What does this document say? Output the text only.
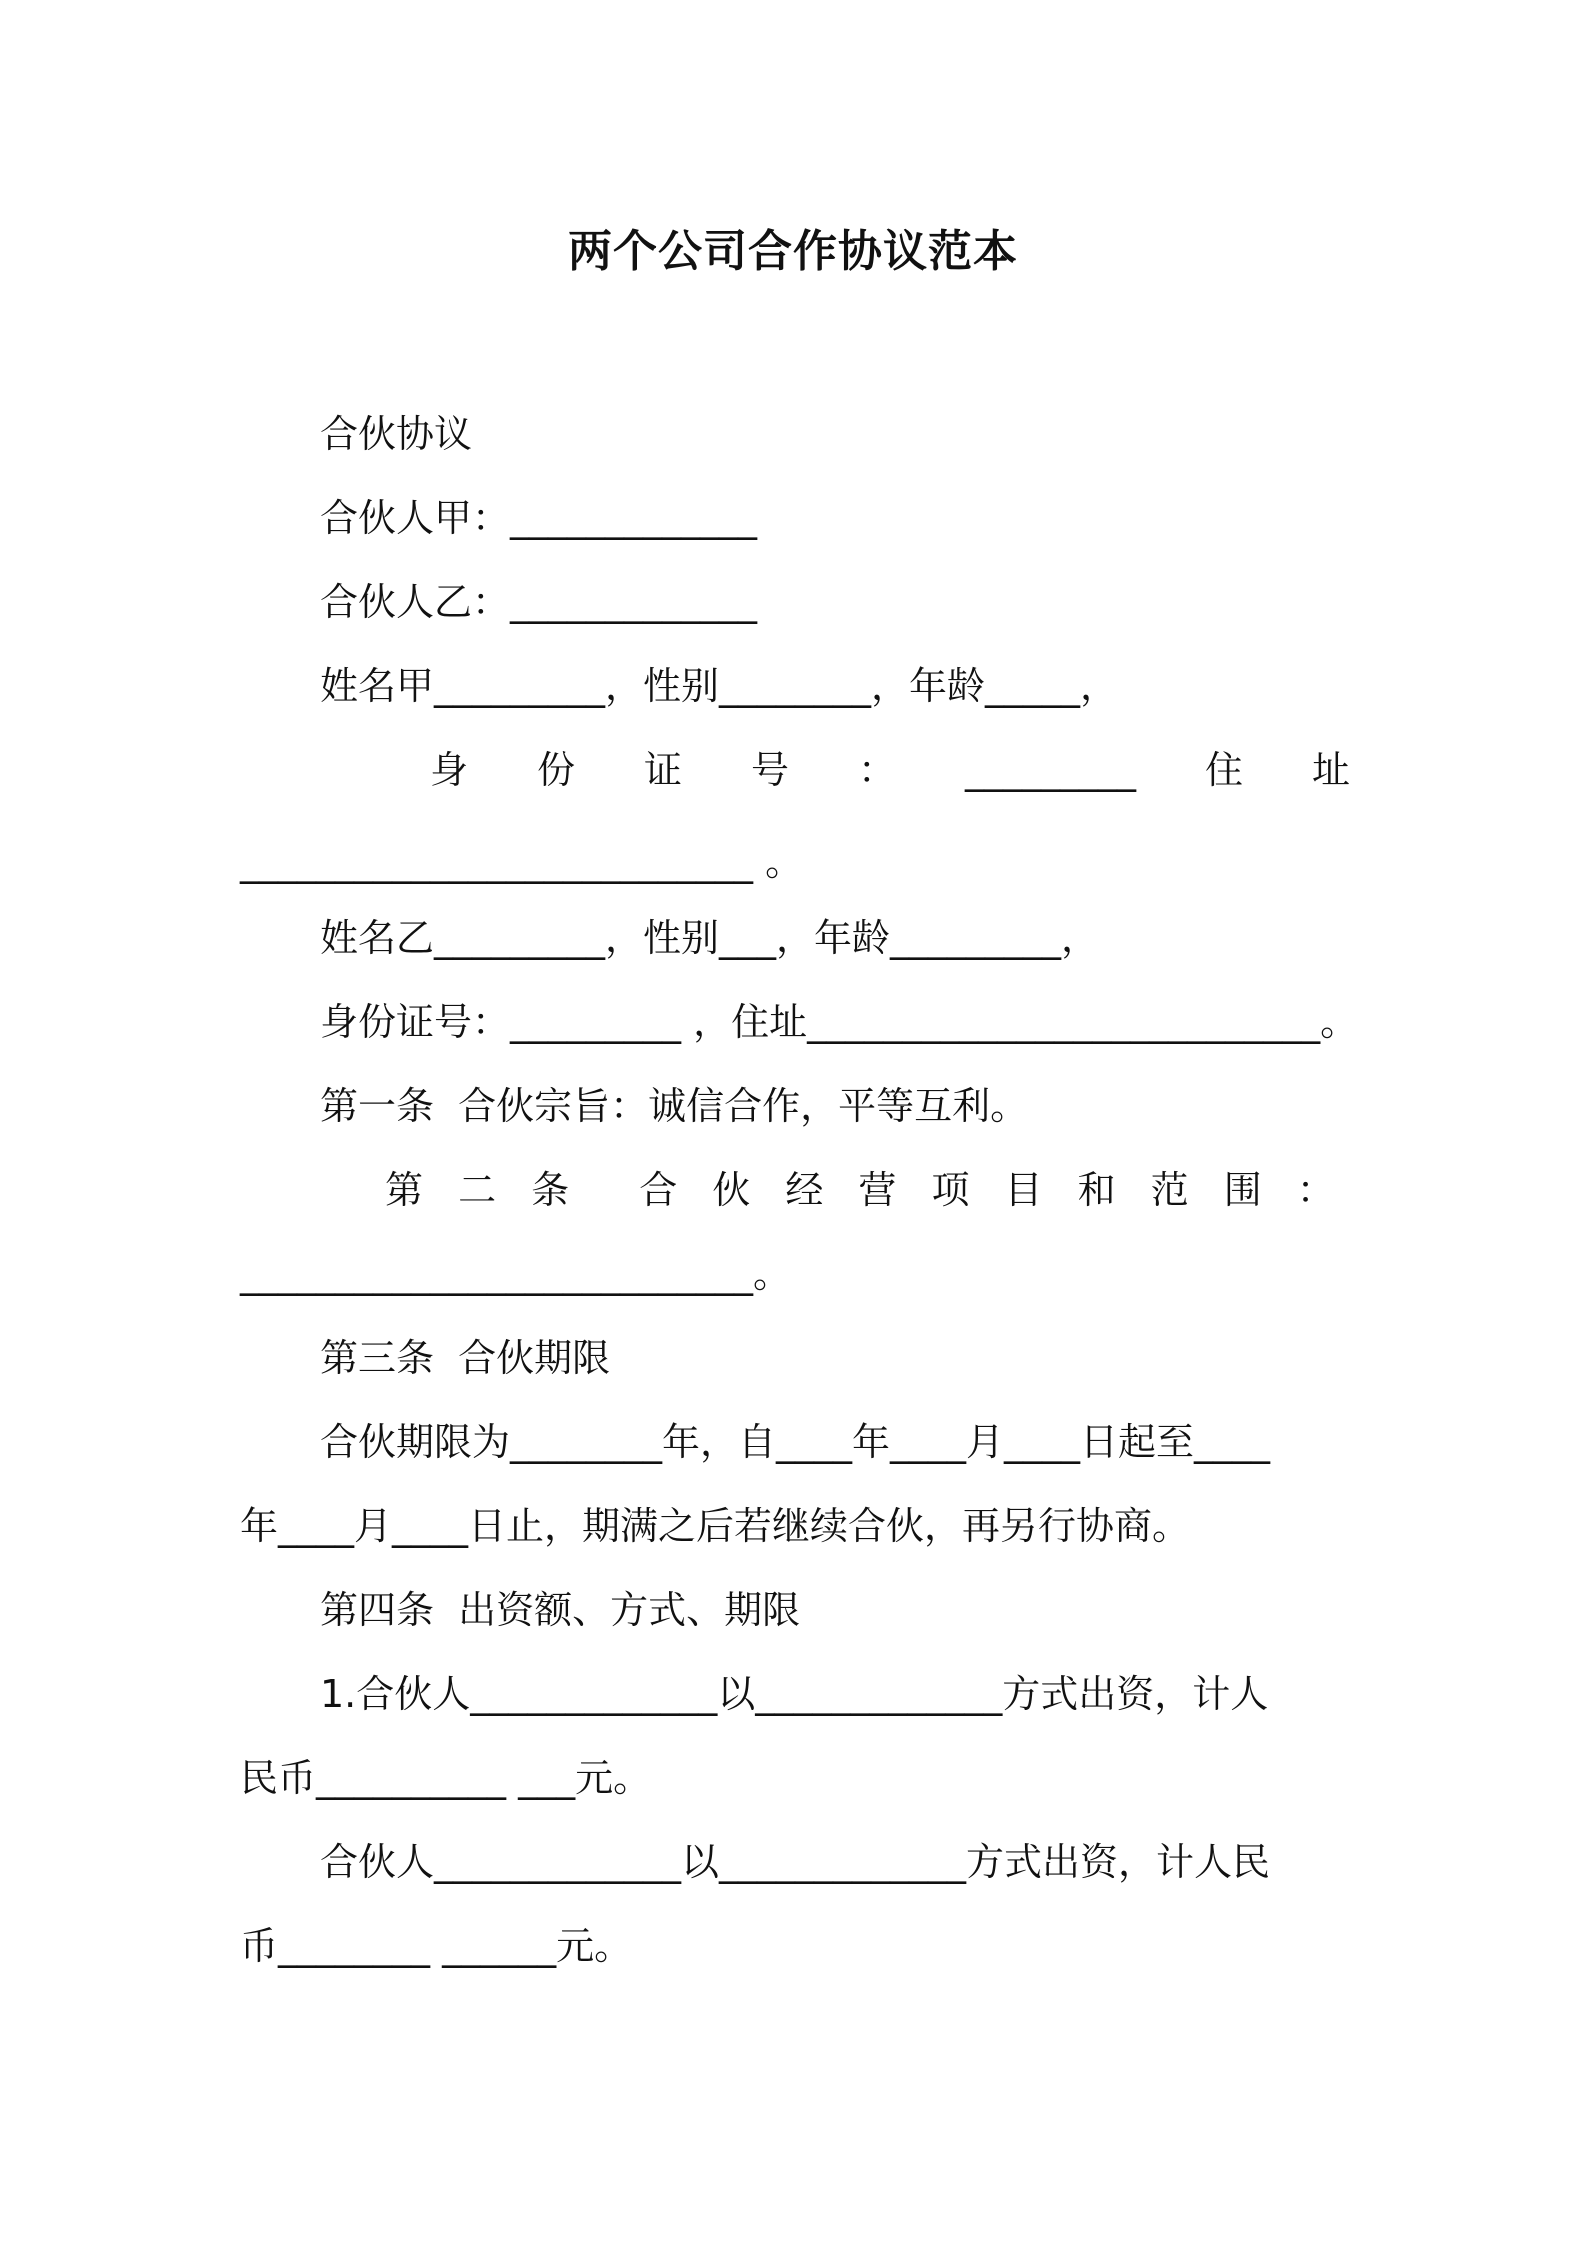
两个公司合作协议范本
合伙协议
合伙人甲：_____________
合伙人乙：_____________
姓名甲_________，性别________，年龄_____，
身 份 证 号 ： _________ 住 址
___________________________ 。
姓名乙_________，性别___，年龄_________，
身份证号：_________ ，住址___________________________。
第一条  合伙宗旨：诚信合作，平等互利。
第 二 条 合 伙 经 营 项 目 和 范 围 ：
___________________________。
第三条  合伙期限
合伙期限为________年，自____年____月____日起至____
年____月____日止，期满之后若继续合伙，再另行协商。
第四条  出资额、方式、期限
1.合伙人_____________以_____________方式出资，计人
民币__________ ___元。
合伙人_____________以_____________方式出资，计人民
币________ ______元。
